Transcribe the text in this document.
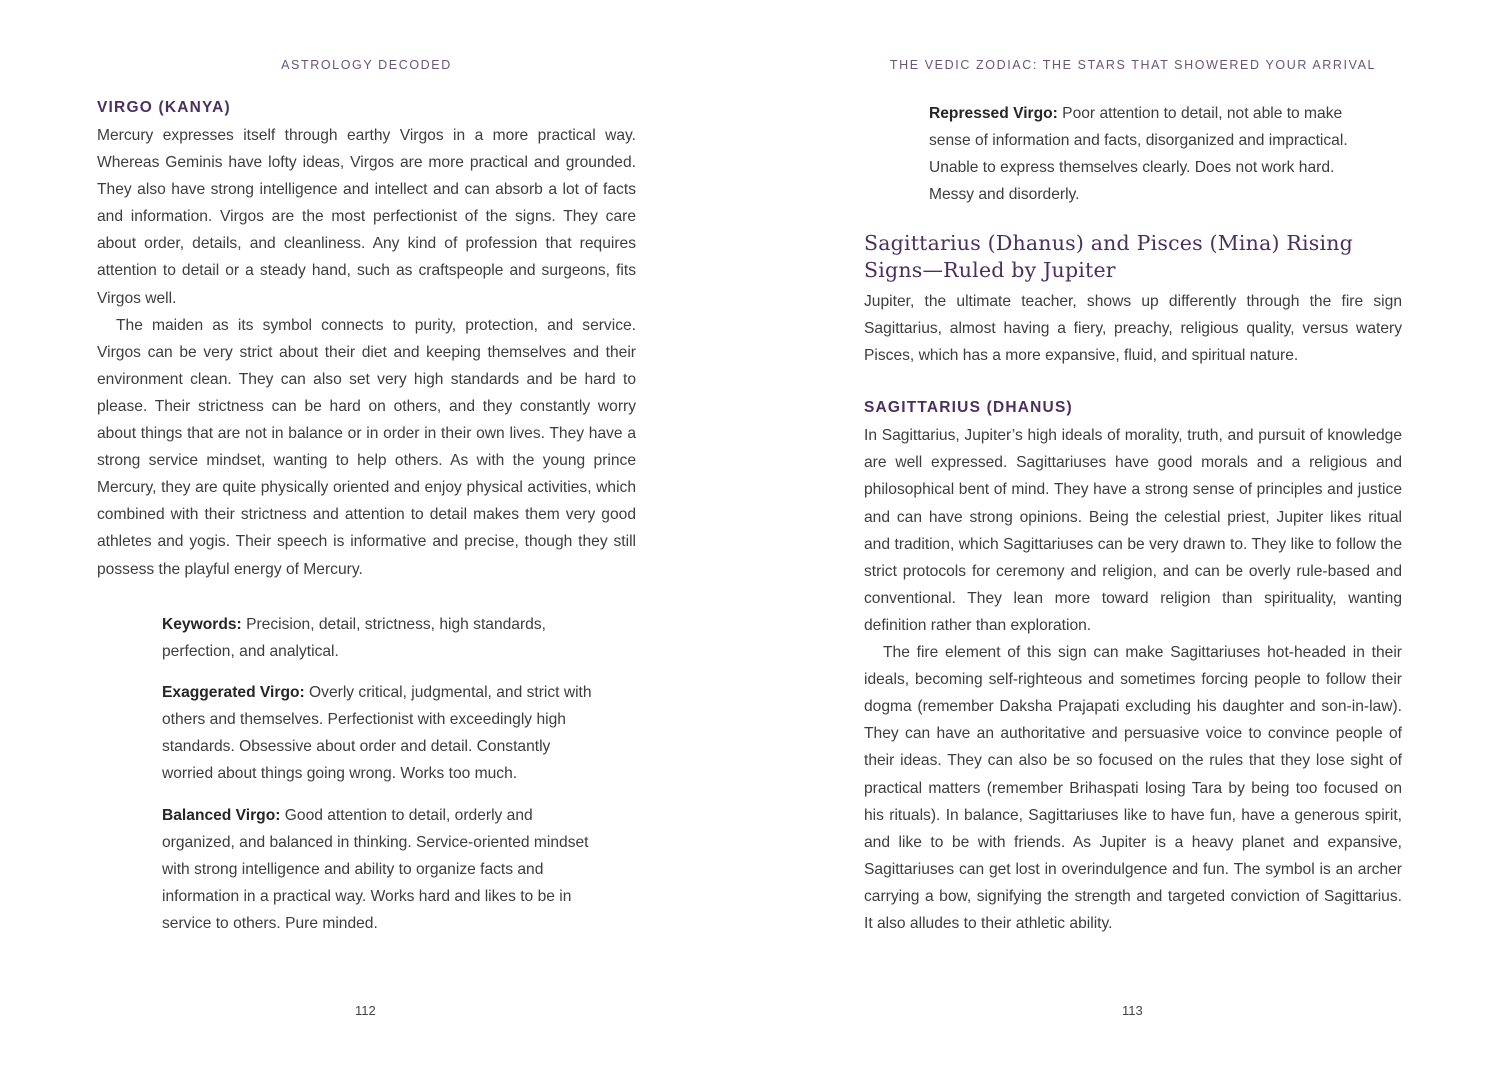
ASTROLOGY DECODED
VIRGO (KANYA)

Mercury expresses itself through earthy Virgos in a more practical way. Whereas Geminis have lofty ideas, Virgos are more practical and grounded. They also have strong intelligence and intellect and can absorb a lot of facts and information. Virgos are the most perfectionist of the signs. They care about order, details, and cleanliness. Any kind of profession that requires attention to detail or a steady hand, such as craftspeople and surgeons, fits Virgos well.

The maiden as its symbol connects to purity, protection, and service. Virgos can be very strict about their diet and keeping themselves and their environment clean. They can also set very high standards and be hard to please. Their strictness can be hard on others, and they constantly worry about things that are not in balance or in order in their own lives. They have a strong service mindset, wanting to help others. As with the young prince Mercury, they are quite physically oriented and enjoy physical activities, which combined with their strictness and attention to detail makes them very good athletes and yogis. Their speech is informative and precise, though they still possess the playful energy of Mercury.

Keywords: Precision, detail, strictness, high standards, perfection, and analytical.

Exaggerated Virgo: Overly critical, judgmental, and strict with others and themselves. Perfectionist with exceedingly high standards. Obsessive about order and detail. Constantly worried about things going wrong. Works too much.

Balanced Virgo: Good attention to detail, orderly and organized, and balanced in thinking. Service-oriented mindset with strong intelligence and ability to organize facts and information in a practical way. Works hard and likes to be in service to others. Pure minded.

112
THE VEDIC ZODIAC: THE STARS THAT SHOWERED YOUR ARRIVAL

Repressed Virgo: Poor attention to detail, not able to make sense of information and facts, disorganized and impractical. Unable to express themselves clearly. Does not work hard. Messy and disorderly.

Sagittarius (Dhanus) and Pisces (Mina) Rising Signs—Ruled by Jupiter

Jupiter, the ultimate teacher, shows up differently through the fire sign Sagittarius, almost having a fiery, preachy, religious quality, versus watery Pisces, which has a more expansive, fluid, and spiritual nature.

SAGITTARIUS (DHANUS)

In Sagittarius, Jupiter’s high ideals of morality, truth, and pursuit of knowledge are well expressed. Sagittariuses have good morals and a religious and philosophical bent of mind. They have a strong sense of principles and justice and can have strong opinions. Being the celestial priest, Jupiter likes ritual and tradition, which Sagittariuses can be very drawn to. They like to follow the strict protocols for ceremony and religion, and can be overly rule-based and conventional. They lean more toward religion than spirituality, wanting definition rather than exploration.

The fire element of this sign can make Sagittariuses hot-headed in their ideals, becoming self-righteous and sometimes forcing people to follow their dogma (remember Daksha Prajapati excluding his daughter and son-in-law). They can have an authoritative and persuasive voice to convince people of their ideas. They can also be so focused on the rules that they lose sight of practical matters (remember Brihaspati losing Tara by being too focused on his rituals). In balance, Sagittariuses like to have fun, have a generous spirit, and like to be with friends. As Jupiter is a heavy planet and expansive, Sagittariuses can get lost in overindulgence and fun. The symbol is an archer carrying a bow, signifying the strength and targeted conviction of Sagittarius. It also alludes to their athletic ability.

113
